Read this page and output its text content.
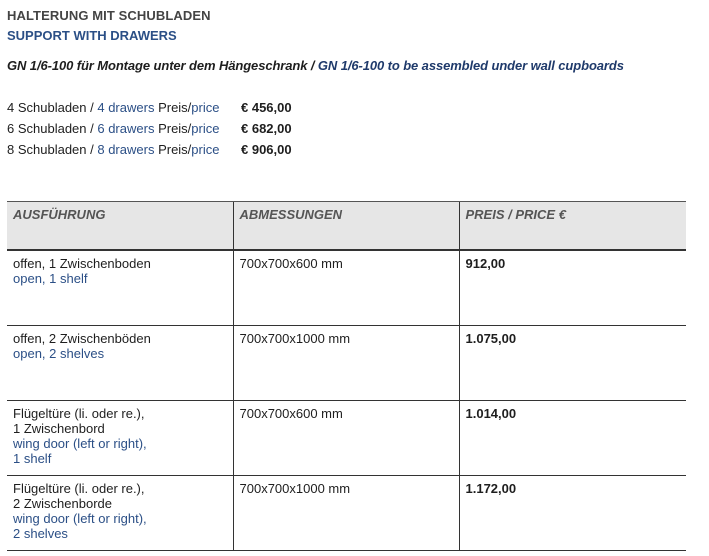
HALTERUNG MIT SCHUBLADEN
SUPPORT WITH DRAWERS
GN 1/6-100 für Montage unter dem Hängeschrank / GN 1/6-100 to be assembled under wall cupboards
4 Schubladen / 4 drawers Preis/price € 456,00
6 Schubladen / 6 drawers Preis/price € 682,00
8 Schubladen / 8 drawers Preis/price € 906,00
AUSFÜHRUNG	ABMESSUNGEN	PREIS / PRICE €

offen, 1 Zwischenboden
open, 1 shelf	700x700x600 mm	912,00

offen, 2 Zwischenböden
open, 2 shelves	700x700x1000 mm	1.075,00

Flügeltüre (li. oder re.),
1 Zwischenbord
wing door (left or right),
1 shelf	700x700x600 mm	1.014,00

Flügeltüre (li. oder re.),
2 Zwischenborde
wing door (left or right),
2 shelves	700x700x1000 mm	1.172,00
